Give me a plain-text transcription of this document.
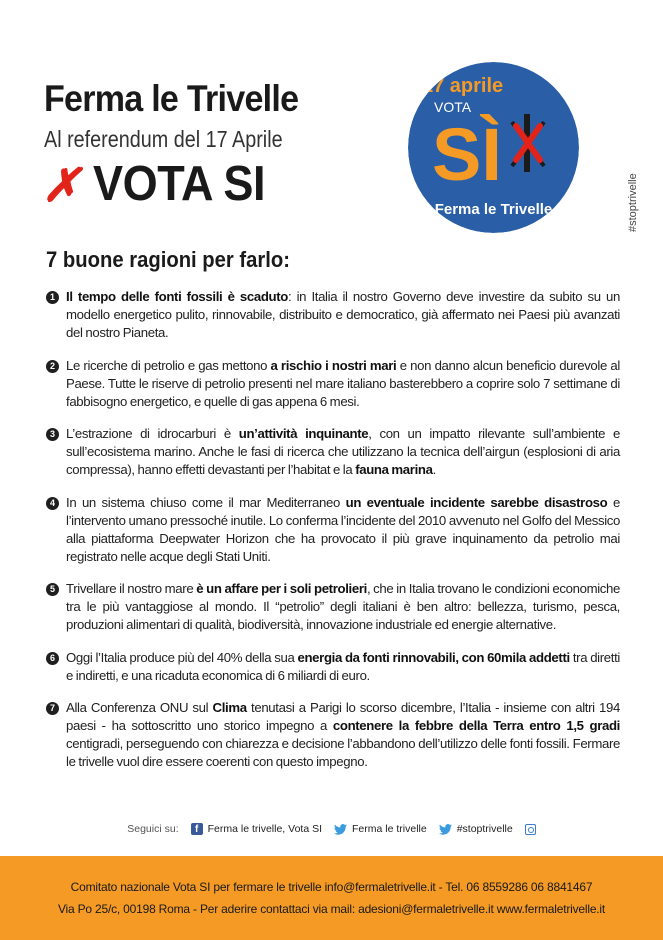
Ferma le Trivelle
Al referendum del 17 Aprile
✗ VOTA SI
17 aprile
VOTA
SÌ
Ferma le Trivelle	#stoptrivelle
7 buone ragioni per farlo:
1 Il tempo delle fonti fossili è scaduto: in Italia il nostro Governo deve investire da subito su un modello energetico pulito, rinnovabile, distribuito e democratico, già affermato nei Paesi più avanzati del nostro Pianeta.
2 Le ricerche di petrolio e gas mettono a rischio i nostri mari e non danno alcun beneficio durevole al Paese. Tutte le riserve di petrolio presenti nel mare italiano basterebbero a coprire solo 7 settimane di fabbisogno energetico, e quelle di gas appena 6 mesi.
3 L’estrazione di idrocarburi è un’attività inquinante, con un impatto rilevante sull’ambiente e sull’ecosistema marino. Anche le fasi di ricerca che utilizzano la tecnica dell’airgun (esplosioni di aria compressa), hanno effetti devastanti per l’habitat e la fauna marina.
4 In un sistema chiuso come il mar Mediterraneo un eventuale incidente sarebbe disastroso e l’intervento umano pressoché inutile. Lo conferma l’incidente del 2010 avvenuto nel Golfo del Messico alla piattaforma Deepwater Horizon che ha provocato il più grave inquinamento da petrolio mai registrato nelle acque degli Stati Uniti.
5 Trivellare il nostro mare è un affare per i soli petrolieri, che in Italia trovano le condizioni economiche tra le più vantaggiose al mondo. Il “petrolio” degli italiani è ben altro: bellezza, turismo, pesca, produzioni alimentari di qualità, biodiversità, innovazione industriale ed energie alternative.
6 Oggi l’Italia produce più del 40% della sua energia da fonti rinnovabili, con 60mila addetti tra diretti e indiretti, e una ricaduta economica di 6 miliardi di euro.
7 Alla Conferenza ONU sul Clima tenutasi a Parigi lo scorso dicembre, l’Italia - insieme con altri 194 paesi - ha sottoscritto uno storico impegno a contenere la febbre della Terra entro 1,5 gradi centigradi, perseguendo con chiarezza e decisione l’abbandono dell’utilizzo delle fonti fossili. Fermare le trivelle vuol dire essere coerenti con questo impegno.
Seguici su:	f Ferma le trivelle, Vota SI	Ferma le trivelle	#stoptrivelle
Comitato nazionale Vota SI per fermare le trivelle info@fermaletrivelle.it - Tel. 06 8559286 06 8841467
Via Po 25/c, 00198 Roma - Per aderire contattaci via mail: adesioni@fermaletrivelle.it www.fermaletrivelle.it
